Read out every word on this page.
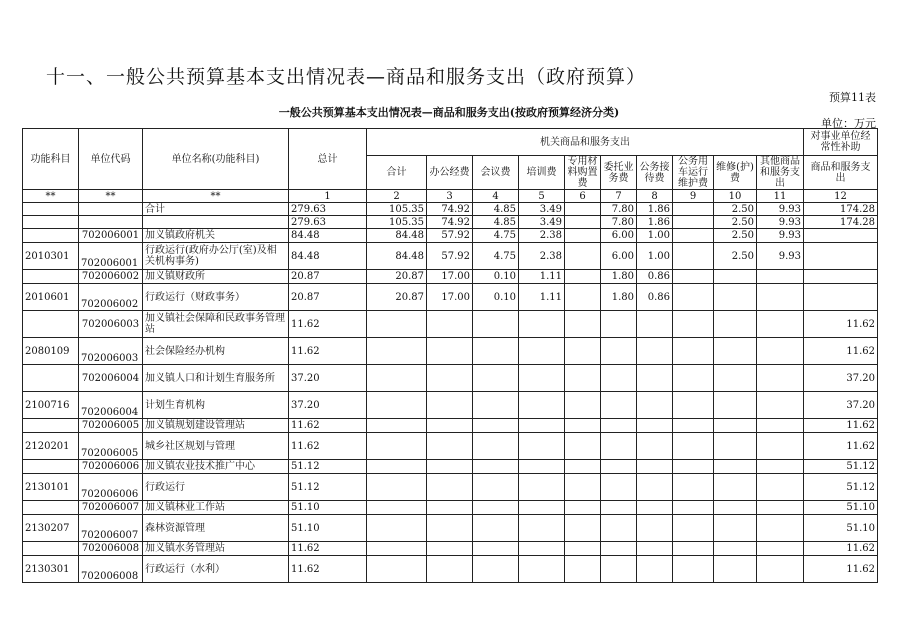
十一、一般公共预算基本支出情况表—商品和服务支出（政府预算）
预算11表
一般公共预算基本支出情况表—商品和服务支出(按政府预算经济分类)
单位：万元
功能科目	单位代码	单位名称(功能科目)	总计	机关商品和服务支出										对事业单位经常性补助
				合计	办公经费	会议费	培训费	专用材料购置费	委托业务费	公务接待费	公务用车运行维护费	维修(护)费	其他商品和服务支出	商品和服务支出
**	**	**	1	2	3	4	5	6	7	8	9	10	11	12
		合计	279.63	105.35	74.92	4.85	3.49		7.80	1.86		2.50	9.93	174.28
			279.63	105.35	74.92	4.85	3.49		7.80	1.86		2.50	9.93	174.28
	702006001	加义镇政府机关	84.48	84.48	57.92	4.75	2.38		6.00	1.00		2.50	9.93	
2010301	702006001	行政运行(政府办公厅(室)及相关机构事务)	84.48	84.48	57.92	4.75	2.38		6.00	1.00		2.50	9.93	
	702006002	加义镇财政所	20.87	20.87	17.00	0.10	1.11		1.80	0.86				
2010601	702006002	行政运行（财政事务）	20.87	20.87	17.00	0.10	1.11		1.80	0.86				
	702006003	加义镇社会保障和民政事务管理站	11.62											11.62
2080109	702006003	社会保险经办机构	11.62											11.62
	702006004	加义镇人口和计划生育服务所	37.20											37.20
2100716	702006004	计划生育机构	37.20											37.20
	702006005	加义镇规划建设管理站	11.62											11.62
2120201	702006005	城乡社区规划与管理	11.62											11.62
	702006006	加义镇农业技术推广中心	51.12											51.12
2130101	702006006	行政运行	51.12											51.12
	702006007	加义镇林业工作站	51.10											51.10
2130207	702006007	森林资源管理	51.10											51.10
	702006008	加义镇水务管理站	11.62											11.62
2130301	702006008	行政运行（水利）	11.62											11.62
